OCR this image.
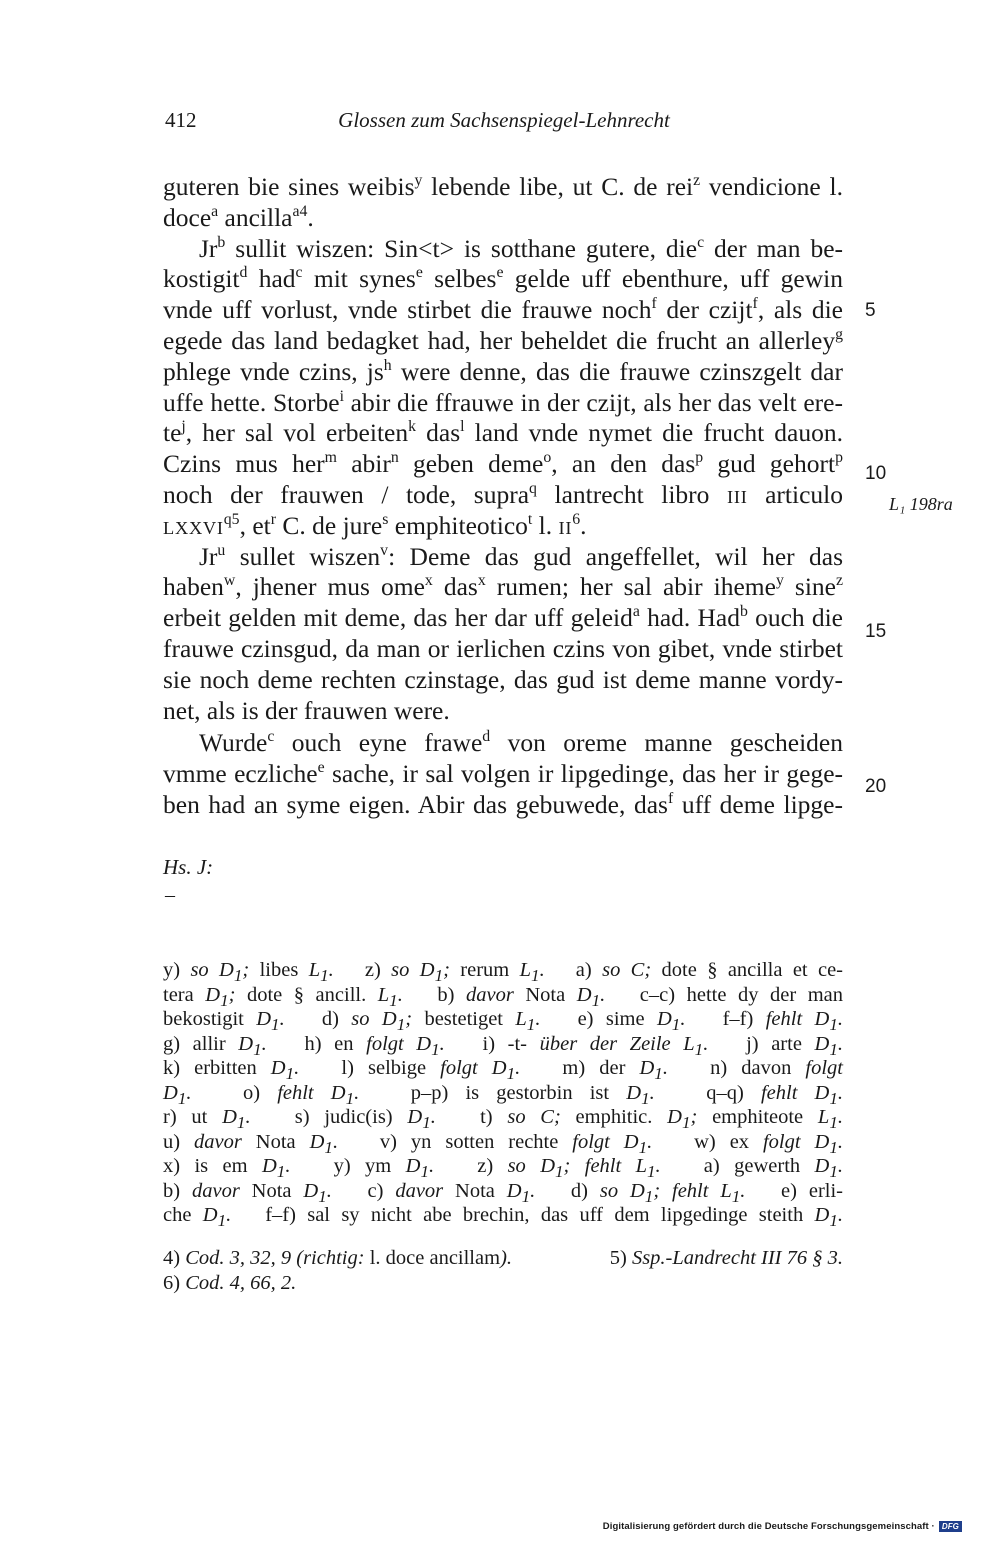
412	Glossen zum Sachsenspiegel-Lehnrecht
guteren bie sines weibis$^y$ lebende libe, ut C. de rei$^z$ vendicione l.
doce$^a$ ancilla$^{a4}$.
Jr$^b$ sullit wiszen: Sin<t> is sotthane gutere, die$^c$ der man be-
kostigit$^d$ had$^c$ mit synes$^e$ selbes$^e$ gelde uff ebenthure, uff gewin
vnde uff vorlust, vnde stirbet die frauwe noch$^f$ der czijt$^f$, als die
egede das land bedagket had, her beheldet die frucht an allerley$^g$
phlege vnde czins, $js^h$ were denne, das die frauwe czinszgelt dar
uffe hette. Storbe$^i$ abir die ffrauwe in der czijt, als her das velt ere-
$te^j$, her sal vol erbeiten$^k$ das$^l$ land vnde nymet die frucht dauon.
Czins mus her$^m$ abir$^n$ geben deme$^o$, an den das$^p$ gud gehort$^p$
noch der frauwen / tode, supra$^q$ lantrecht libro III articulo
$LXXVI^{q5}$, $et^r$ C. de jure$^s$ emphiteotico$^t$ l. $II^6$.
Jr$^u$ sullet wiszen$^v$: Deme das gud angeffellet, wil her das
haben$^w$, jhener mus ome$^x$ das$^x$ rumen; her sal abir iheme$^y$ sine$^z$
erbeit gelden mit deme, das her dar uff geleid$^a$ had. Had$^b$ ouch die
frauwe czinsgud, da man or ierlichen czins von gibet, vnde stirbet
sie noch deme rechten czinstage, das gud ist deme manne vordy-
net, als is der frauwen were.
Wurde$^c$ ouch eyne frawe$^d$ von oreme manne gescheiden
vmme eczliche$^e$ sache, ir sal volgen ir lipgedinge, das her ir gege-
ben had an syme eigen. Abir das gebuwede, das$^f$ uff deme lipge-
5
10
15
20
L₁ 198ra
Hs. J:
–
y) so $D_1$; libes $L_1$.   z) so $D_1$; rerum $L_1$.   a) so C; dote § ancilla et ce-
tera $D_1$; dote § ancill. $L_1$.   b) davor Nota $D_1$.   c–c) hette dy der man
bekostigit $D_1$.   d) so $D_1$; bestetiget $L_1$.   e) sime $D_1$.   f–f) fehlt $D_1$.
g) allir $D_1$.   h) en folgt $D_1$.   i) -t- über der Zeile $L_1$.   j) arte $D_1$.
k) erbitten $D_1$.   l) selbige folgt $D_1$.   m) der $D_1$.   n) davon folgt
$D_1$.   o) fehlt $D_1$.   p–p) is gestorbin ist $D_1$.   q–q) fehlt $D_1$.
r) ut $D_1$.   s) judic(is) $D_1$.   t) so C; emphitic. $D_1$; emphiteote $L_1$.
u) davor Nota $D_1$.   v) yn sotten rechte folgt $D_1$.   w) ex folgt $D_1$.
x) is em $D_1$.   y) ym $D_1$.   z) so $D_1$; fehlt $L_1$.   a) gewerth $D_1$.
b) davor Nota $D_1$.   c) davor Nota $D_1$.   d) so $D_1$; fehlt $L_1$.   e) erli-
che $D_1$.   f–f) sal sy nicht abe brechin, das uff dem lipgedinge steith $D_1$.
4) Cod. 3, 32, 9 (richtig: l. doce ancillam).	5) Ssp.-Landrecht III 76 § 3.
6) Cod. 4, 66, 2.
Digitalisierung gefördert durch die Deutsche Forschungsgemeinschaft · DFG
